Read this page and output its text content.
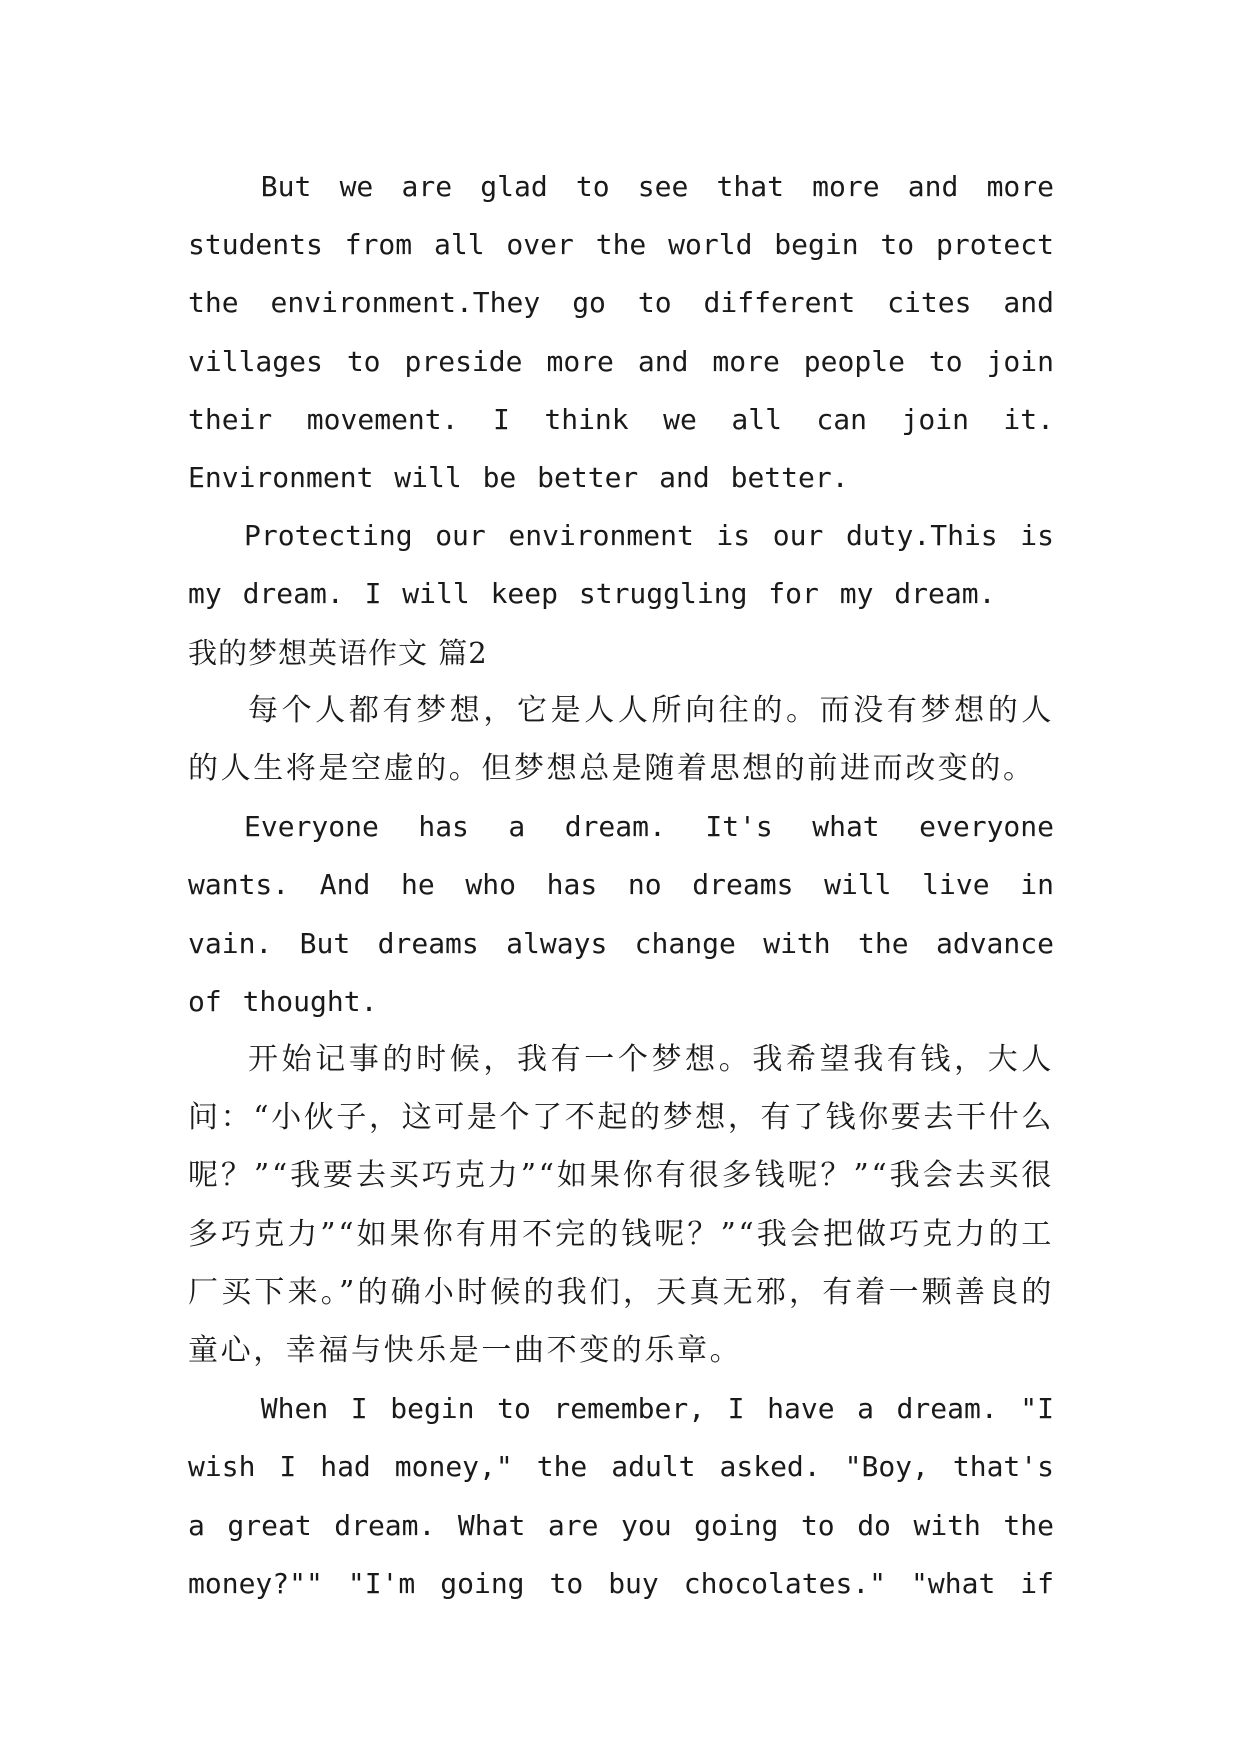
But we are glad to see that more and more students from all over the world begin to protect the environment.They go to different cites and villages to preside more and more people to join their movement. I think we all can join it. Environment will be better and better.

Protecting our environment is our duty.This is my dream. I will keep struggling for my dream.

我的梦想英语作文 篇2

每个人都有梦想，它是人人所向往的。而没有梦想的人的人生将是空虚的。但梦想总是随着思想的前进而改变的。

Everyone has a dream. It's what everyone wants. And he who has no dreams will live in vain. But dreams always change with the advance of thought.

开始记事的时候，我有一个梦想。我希望我有钱，大人问：“小伙子，这可是个了不起的梦想，有了钱你要去干什么呢？”“我要去买巧克力”“如果你有很多钱呢？”“我会去买很多巧克力”“如果你有用不完的钱呢？”“我会把做巧克力的工厂买下来。”的确小时候的我们，天真无邪，有着一颗善良的童心，幸福与快乐是一曲不变的乐章。

When I begin to remember, I have a dream. "I wish I had money," the adult asked. "Boy, that's a great dream. What are you going to do with the money?"" "I'm going to buy chocolates." "what if
